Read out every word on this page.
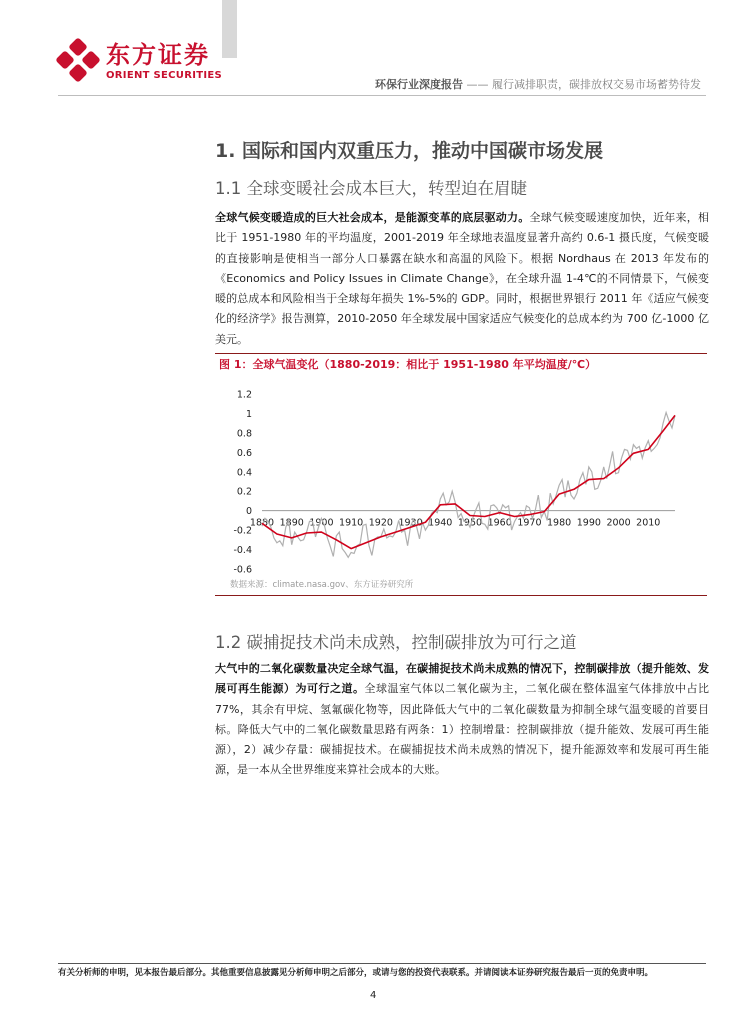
东方证券
ORIENT SECURITIES
环保行业深度报告 —— 履行减排职责，碳排放权交易市场蓄势待发
1. 国际和国内双重压力，推动中国碳市场发展
1.1 全球变暖社会成本巨大，转型迫在眉睫
全球气候变暖造成的巨大社会成本，是能源变革的底层驱动力。全球气候变暖速度加快，近年来，相比于 1951-1980 年的平均温度，2001-2019 年全球地表温度显著升高约 0.6-1 摄氏度，气候变暖的直接影响是使相当一部分人口暴露在缺水和高温的风险下。根据 Nordhaus 在 2013 年发布的《Economics and Policy Issues in Climate Change》，在全球升温 1-4℃的不同情景下，气候变暖的总成本和风险相当于全球每年损失 1%-5%的 GDP。同时，根据世界银行 2011 年《适应气候变化的经济学》报告测算，2010-2050 年全球发展中国家适应气候变化的总成本约为 700 亿-1000 亿美元。
图 1：全球气温变化（1880-2019：相比于 1951-1980 年平均温度/℃）
1.2
1
0.8
0.6
0.4
0.2
0
-0.2
-0.4
-0.6
1880 1890 1900 1910 1920 1930 1940 1950 1960 1970 1980 1990 2000 2010
数据来源：climate.nasa.gov、东方证券研究所
1.2 碳捕捉技术尚未成熟，控制碳排放为可行之道
大气中的二氧化碳数量决定全球气温，在碳捕捉技术尚未成熟的情况下，控制碳排放（提升能效、发展可再生能源）为可行之道。全球温室气体以二氧化碳为主，二氧化碳在整体温室气体排放中占比 77%，其余有甲烷、氢氟碳化物等，因此降低大气中的二氧化碳数量为抑制全球气温变暖的首要目标。降低大气中的二氧化碳数量思路有两条：1）控制增量：控制碳排放（提升能效、发展可再生能源），2）减少存量：碳捕捉技术。在碳捕捉技术尚未成熟的情况下，提升能源效率和发展可再生能源，是一本从全世界维度来算社会成本的大账。
有关分析师的申明，见本报告最后部分。其他重要信息披露见分析师申明之后部分，或请与您的投资代表联系。并请阅读本证券研究报告最后一页的免责申明。
4
